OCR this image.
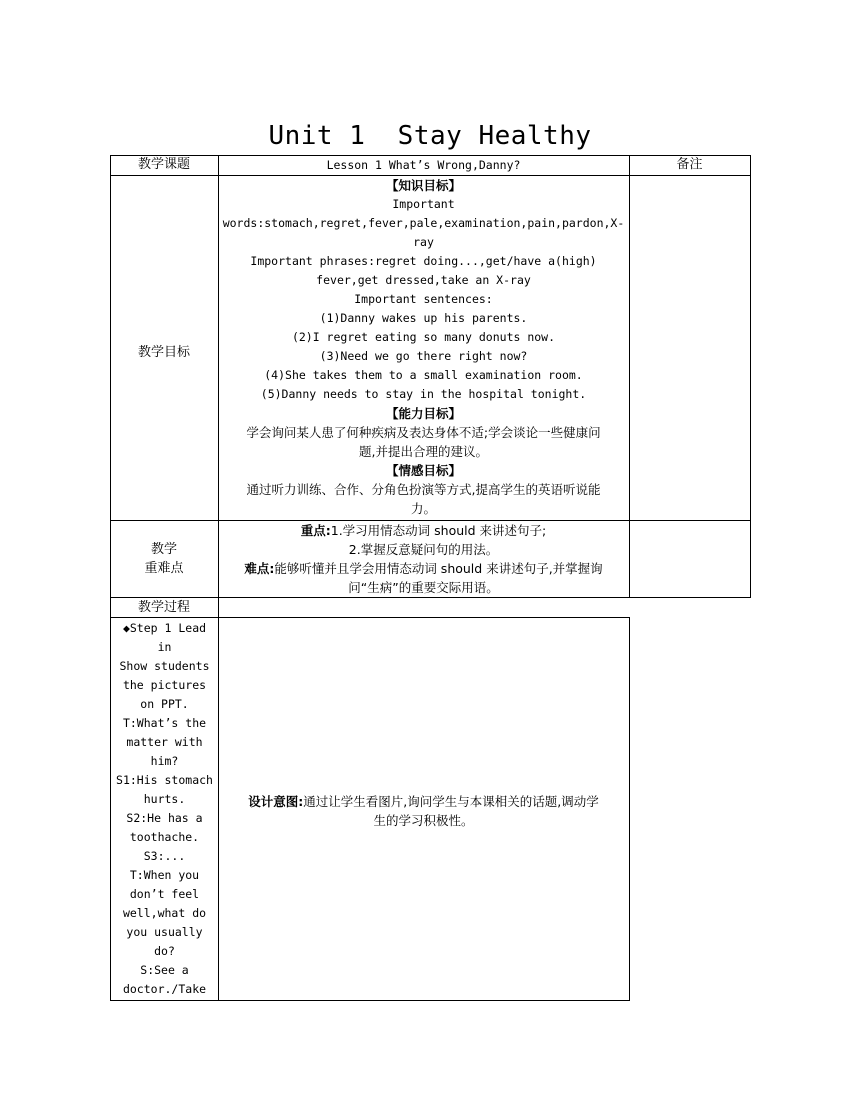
Unit 1  Stay Healthy
教学课题	Lesson 1 What’s Wrong,Danny?	备注
教学目标
【知识目标】
Important
words:stomach,regret,fever,pale,examination,pain,pardon,X-
ray
Important phrases:regret doing...,get/have a(high)
fever,get dressed,take an X-ray
Important sentences:
(1)Danny wakes up his parents.
(2)I regret eating so many donuts now.
(3)Need we go there right now?
(4)She takes them to a small examination room.
(5)Danny needs to stay in the hospital tonight.
【能力目标】
学会询问某人患了何种疾病及表达身体不适;学会谈论一些健康问
题,并提出合理的建议。
【情感目标】
通过听力训练、合作、分角色扮演等方式,提高学生的英语听说能
力。
教学
重难点
重点:1.学习用情态动词 should 来讲述句子;
2.掌握反意疑问句的用法。
难点:能够听懂并且学会用情态动词 should 来讲述句子,并掌握询
问“生病”的重要交际用语。
教学过程
◆Step 1 Lead
in
Show students
the pictures
on PPT.
T:What’s the
matter with
him?
S1:His stomach
hurts.
S2:He has a
toothache.
S3:...
T:When you
don’t feel
well,what do
you usually
do?
S:See a
doctor./Take
设计意图:通过让学生看图片,询问学生与本课相关的话题,调动学
生的学习积极性。
